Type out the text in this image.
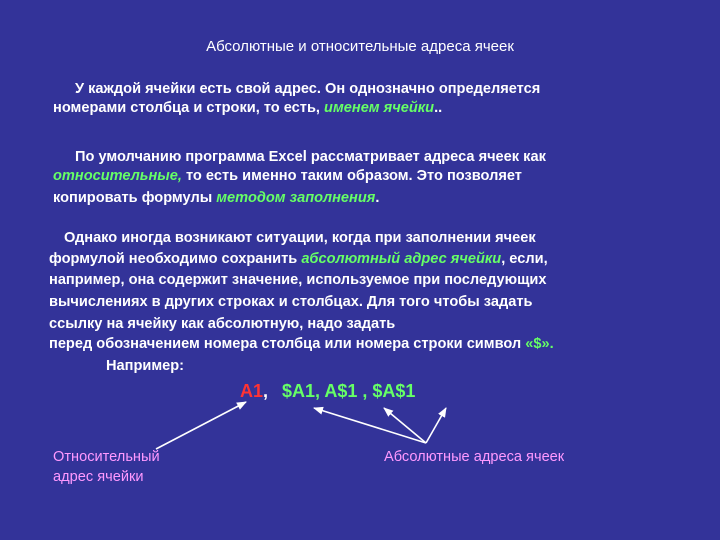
Абсолютные и относительные адреса ячеек
У каждой ячейки есть свой адрес. Он однозначно определяется
номерами столбца и строки, то есть, именем ячейки..
По умолчанию программа Excel рассматривает адреса ячеек как
относительные, то есть именно таким образом. Это позволяет
копировать формулы методом заполнения.
Однако иногда возникают ситуации, когда при заполнении ячеек
формулой необходимо сохранить абсолютный адрес ячейки, если,
например, она содержит значение, используемое при последующих
вычислениях в других строках и столбцах. Для того чтобы задать
ссылку на ячейку как абсолютную, надо задать
перед обозначением номера столбца или номера строки символ «$».
Например:
A1, $A1, A$1 , $A$1
Относительный
адрес ячейки
Абсолютные адреса ячеек
